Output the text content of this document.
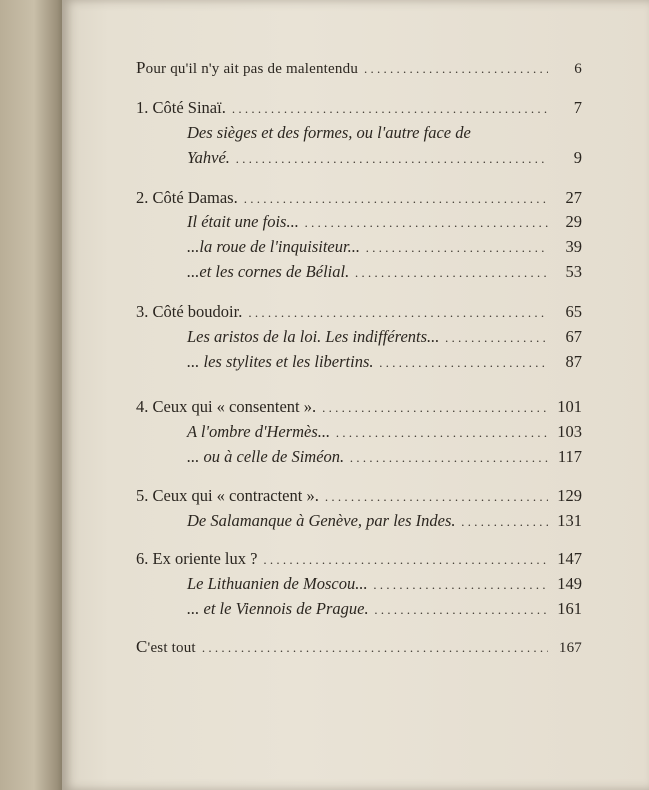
Pour qu'il n'y ait pas de malentendu . . .	6
1. Côté Sinaï. . . .	7
Des sièges et des formes, ou l'autre face de
Yahvé. . . .	9
2. Côté Damas. . . .	27
Il était une fois... . . .	29
...la roue de l'inquisiteur... . . .	39
...et les cornes de Bélial. . . .	53
3. Côté boudoir. . . .	65
Les aristos de la loi. Les indifférents... . . .	67
... les stylites et les libertins. . . .	87
4. Ceux qui « consentent ». . . .	101
A l'ombre d'Hermès... . . .	103
... ou à celle de Siméon. . . .	117
5. Ceux qui « contractent ». . . .	129
De Salamanque à Genève, par les Indes. . . .	131
6. Ex oriente lux ? . . .	147
Le Lithuanien de Moscou... . . .	149
... et le Viennois de Prague. . . .	161
C'est tout . . .	167
